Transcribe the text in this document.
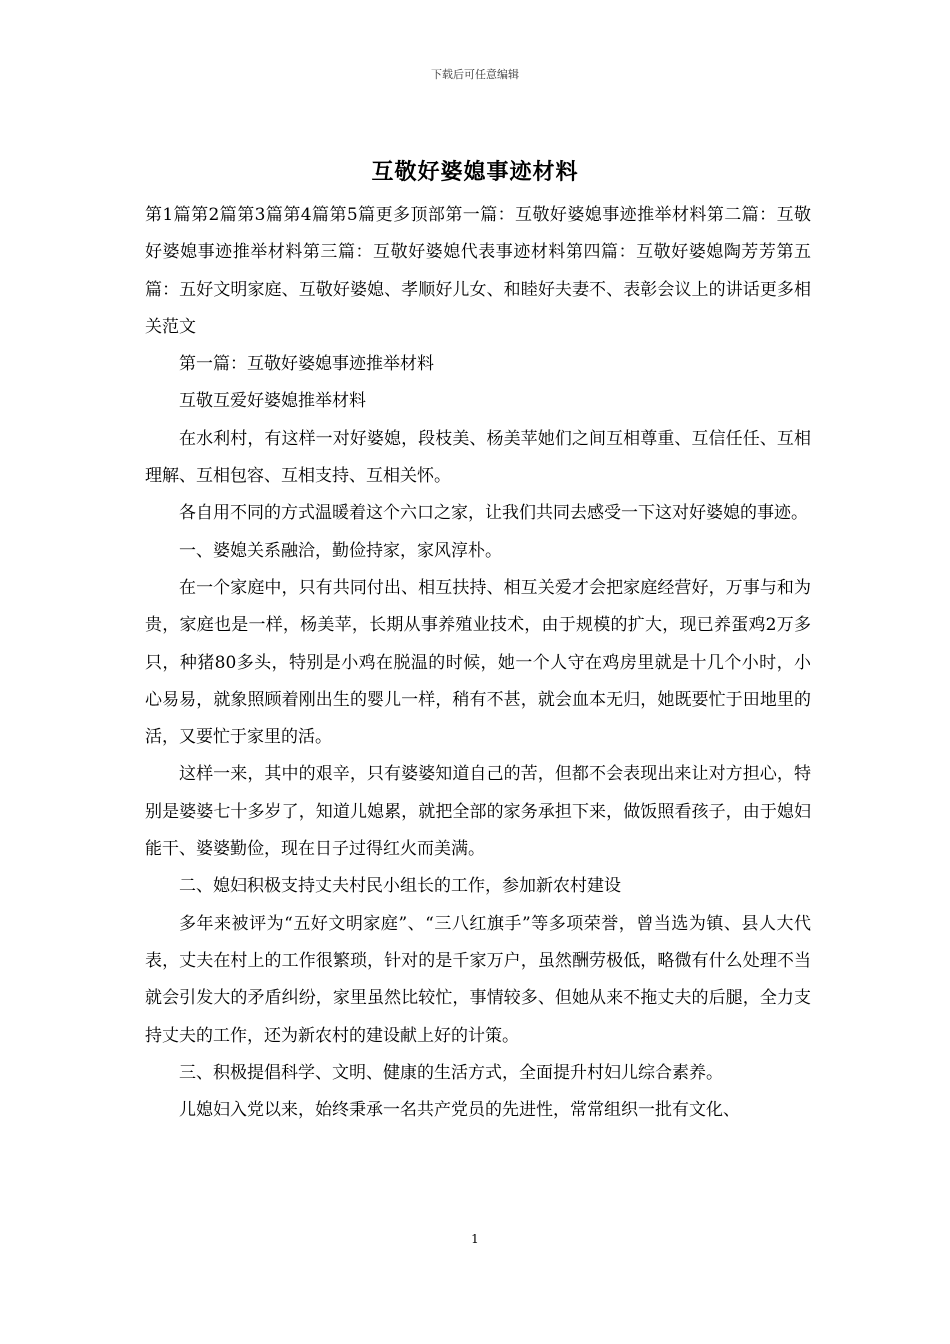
下载后可任意编辑
互敬好婆媳事迹材料

第1篇第2篇第3篇第4篇第5篇更多顶部第一篇：互敬好婆媳事迹推举材料第二篇：互敬好婆媳事迹推举材料第三篇：互敬好婆媳代表事迹材料第四篇：互敬好婆媳陶芳芳第五篇：五好文明家庭、互敬好婆媳、孝顺好儿女、和睦好夫妻不、表彰会议上的讲话更多相关范文

第一篇：互敬好婆媳事迹推举材料

互敬互爱好婆媳推举材料

在水利村，有这样一对好婆媳，段枝美、杨美苹她们之间互相尊重、互信任任、互相理解、互相包容、互相支持、互相关怀。

各自用不同的方式温暖着这个六口之家，让我们共同去感受一下这对好婆媳的事迹。

一、婆媳关系融洽，勤俭持家，家风淳朴。

在一个家庭中，只有共同付出、相互扶持、相互关爱才会把家庭经营好，万事与和为贵，家庭也是一样，杨美苹，长期从事养殖业技术，由于规模的扩大，现已养蛋鸡2万多只，种猪80多头，特别是小鸡在脱温的时候，她一个人守在鸡房里就是十几个小时，小心易易，就象照顾着刚出生的婴儿一样，稍有不甚，就会血本无归，她既要忙于田地里的活，又要忙于家里的活。

这样一来，其中的艰辛，只有婆婆知道自己的苦，但都不会表现出来让对方担心，特别是婆婆七十多岁了，知道儿媳累，就把全部的家务承担下来，做饭照看孩子，由于媳妇能干、婆婆勤俭，现在日子过得红火而美满。

二、媳妇积极支持丈夫村民小组长的工作，参加新农村建设

多年来被评为“五好文明家庭”、“三八红旗手”等多项荣誉，曾当选为镇、县人大代表，丈夫在村上的工作很繁琐，针对的是千家万户，虽然酬劳极低，略微有什么处理不当就会引发大的矛盾纠纷，家里虽然比较忙，事情较多、但她从来不拖丈夫的后腿，全力支持丈夫的工作，还为新农村的建设献上好的计策。

三、积极提倡科学、文明、健康的生活方式，全面提升村妇儿综合素养。

儿媳妇入党以来，始终秉承一名共产党员的先进性，常常组织一批有文化、

1
